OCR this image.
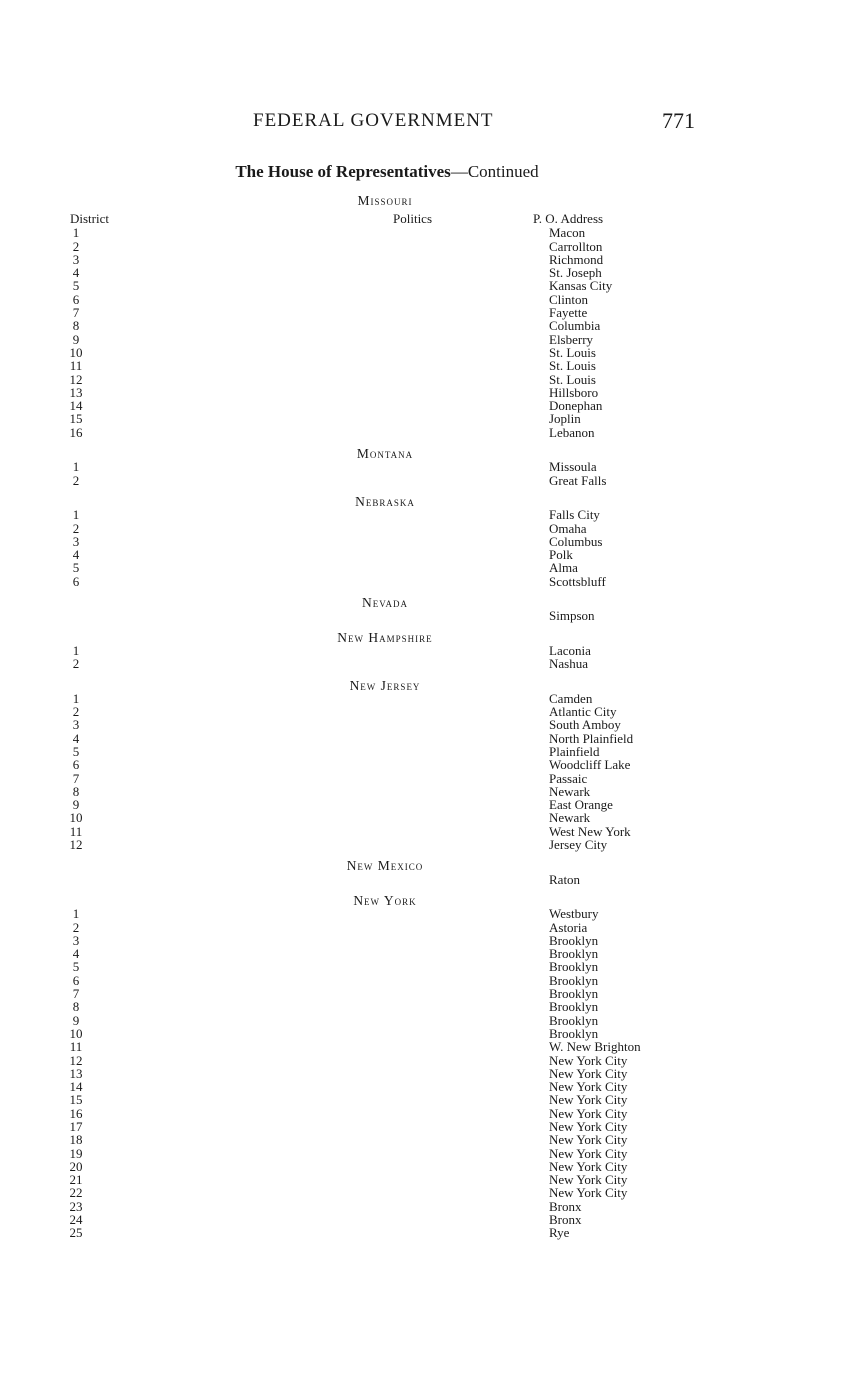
FEDERAL GOVERNMENT	771
The House of Representatives—Continued
Missouri
District	Politics	P. O. Address
1	Macon
2	Carrollton
3	Richmond
4	St. Joseph
5	Kansas City
6	Clinton
7	Fayette
8	Columbia
9	Elsberry
10	St. Louis
11	St. Louis
12	St. Louis
13	Hillsboro
14	Donephan
15	Joplin
16	Lebanon
Montana
1	Missoula
2	Great Falls
Nebraska
1	Falls City
2	Omaha
3	Columbus
4	Polk
5	Alma
6	Scottsbluff
Nevada
Simpson
New Hampshire
1	Laconia
2	Nashua
New Jersey
1	Camden
2	Atlantic City
3	South Amboy
4	North Plainfield
5	Plainfield
6	Woodcliff Lake
7	Passaic
8	Newark
9	East Orange
10	Newark
11	West New York
12	Jersey City
New Mexico
Raton
New York
1	Westbury
2	Astoria
3	Brooklyn
4	Brooklyn
5	Brooklyn
6	Brooklyn
7	Brooklyn
8	Brooklyn
9	Brooklyn
10	Brooklyn
11	W. New Brighton
12	New York City
13	New York City
14	New York City
15	New York City
16	New York City
17	New York City
18	New York City
19	New York City
20	New York City
21	New York City
22	New York City
23	Bronx
24	Bronx
25	Rye
